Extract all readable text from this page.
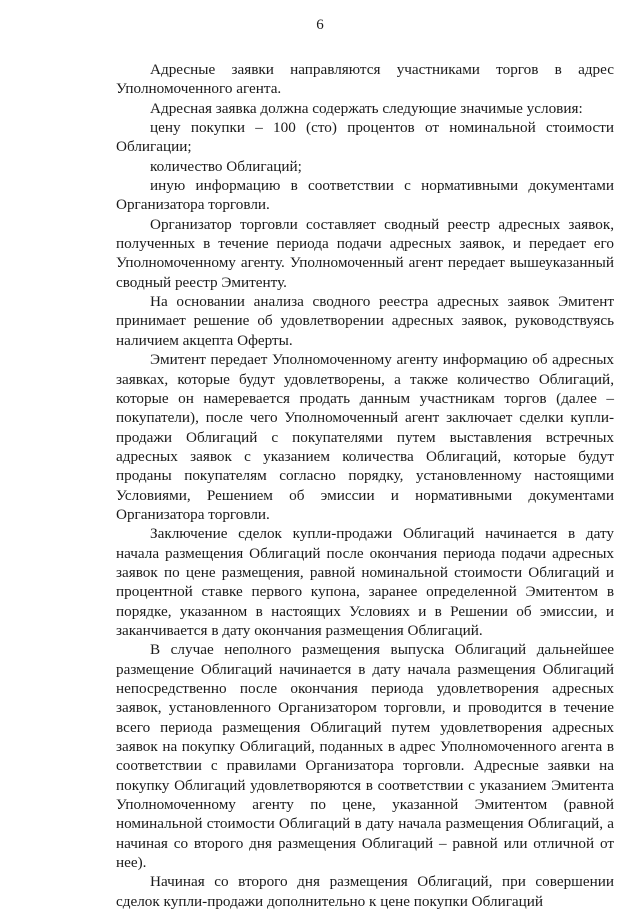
6

Адресные заявки направляются участниками торгов в адрес Уполномоченного агента.

Адресная заявка должна содержать следующие значимые условия:

цену покупки – 100 (сто) процентов от номинальной стоимости Облигации;

количество Облигаций;

иную информацию в соответствии с нормативными документами Организатора торговли.

Организатор торговли составляет сводный реестр адресных заявок, полученных в течение периода подачи адресных заявок, и передает его Уполномоченному агенту. Уполномоченный агент передает вышеуказанный сводный реестр Эмитенту.

На основании анализа сводного реестра адресных заявок Эмитент принимает решение об удовлетворении адресных заявок, руководствуясь наличием акцепта Оферты.

Эмитент передает Уполномоченному агенту информацию об адресных заявках, которые будут удовлетворены, а также количество Облигаций, которые он намеревается продать данным участникам торгов (далее – покупатели), после чего Уполномоченный агент заключает сделки купли-продажи Облигаций с покупателями путем выставления встречных адресных заявок с указанием количества Облигаций, которые будут проданы покупателям согласно порядку, установленному настоящими Условиями, Решением об эмиссии и нормативными документами Организатора торговли.

Заключение сделок купли-продажи Облигаций начинается в дату начала размещения Облигаций после окончания периода подачи адресных заявок по цене размещения, равной номинальной стоимости Облигаций и процентной ставке первого купона, заранее определенной Эмитентом в порядке, указанном в настоящих Условиях и в Решении об эмиссии, и заканчивается в дату окончания размещения Облигаций.

В случае неполного размещения выпуска Облигаций дальнейшее размещение Облигаций начинается в дату начала размещения Облигаций непосредственно после окончания периода удовлетворения адресных заявок, установленного Организатором торговли, и проводится в течение всего периода размещения Облигаций путем удовлетворения адресных заявок на покупку Облигаций, поданных в адрес Уполномоченного агента в соответствии с правилами Организатора торговли. Адресные заявки на покупку Облигаций удовлетворяются в соответствии с указанием Эмитента Уполномоченному агенту по цене, указанной Эмитентом (равной номинальной стоимости Облигаций в дату начала размещения Облигаций, а начиная со второго дня размещения Облигаций – равной или отличной от нее).

Начиная со второго дня размещения Облигаций, при совершении сделок купли-продажи дополнительно к цене покупки Облигаций
